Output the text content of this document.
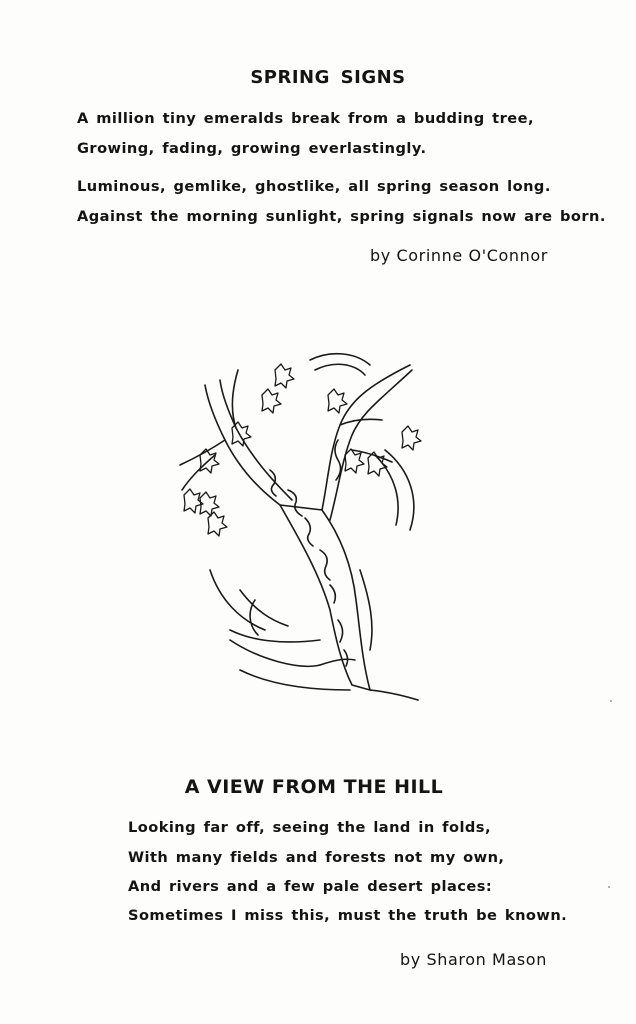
SPRING SIGNS
A million tiny emeralds break from a budding tree,
Growing, fading, growing everlastingly.
Luminous, gemlike, ghostlike, all spring season long.
Against the morning sunlight, spring signals now are born.
by Corinne O'Connor
A VIEW FROM THE HILL
Looking far off, seeing the land in folds,
With many fields and forests not my own,
And rivers and a few pale desert places:
Sometimes I miss this, must the truth be known.
by Sharon Mason
